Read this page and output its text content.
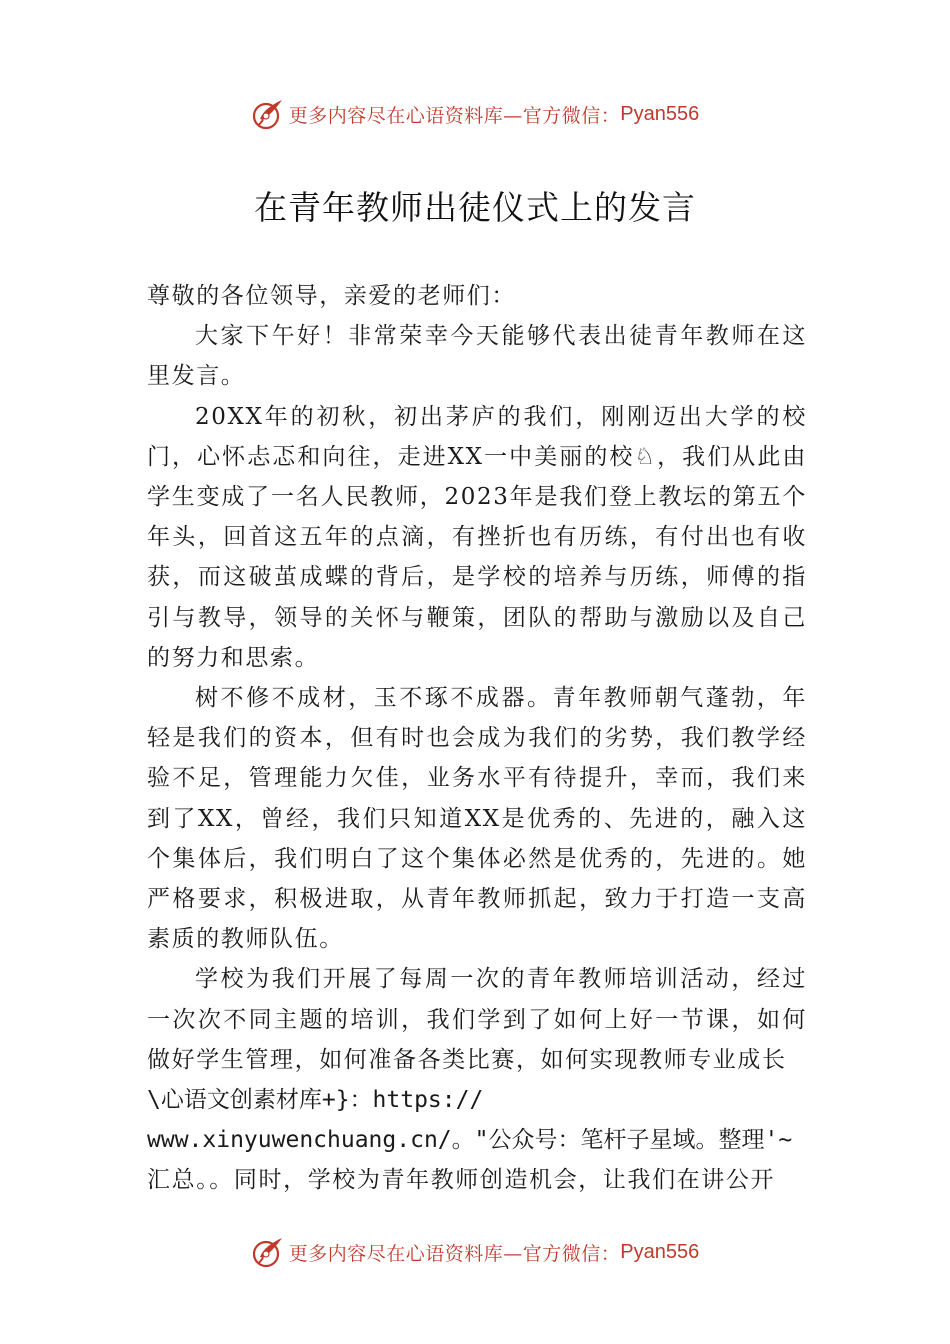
更多内容尽在心语资料库—官方微信： Pyan556
在青年教师出徒仪式上的发言

尊敬的各位领导，亲爱的老师们：

大家下午好！非常荣幸今天能够代表出徒青年教师在这里发言。

20XX年的初秋，初出茅庐的我们，刚刚迈出大学的校门，心怀忐忑和向往，走进XX一中美丽的校♘，我们从此由学生变成了一名人民教师，2023年是我们登上教坛的第五个年头，回首这五年的点滴，有挫折也有历练，有付出也有收获，而这破茧成蝶的背后，是学校的培养与历练，师傅的指引与教导，领导的关怀与鞭策，团队的帮助与激励以及自己的努力和思索。

树不修不成材，玉不琢不成器。青年教师朝气蓬勃，年轻是我们的资本，但有时也会成为我们的劣势，我们教学经验不足，管理能力欠佳，业务水平有待提升，幸而，我们来到了XX，曾经，我们只知道XX是优秀的、先进的，融入这个集体后，我们明白了这个集体必然是优秀的，先进的。她严格要求，积极进取，从青年教师抓起，致力于打造一支高素质的教师队伍。

学校为我们开展了每周一次的青年教师培训活动，经过一次次不同主题的培训，我们学到了如何上好一节课，如何做好学生管理，如何准备各类比赛，如何实现教师专业成长

\心语文创素材库+}：https://

www.xinyuwenchuang.cn/。"公众号：笔杆子星域。整理'~

汇总。。同时，学校为青年教师创造机会，让我们在讲公开

更多内容尽在心语资料库—官方微信： Pyan556
